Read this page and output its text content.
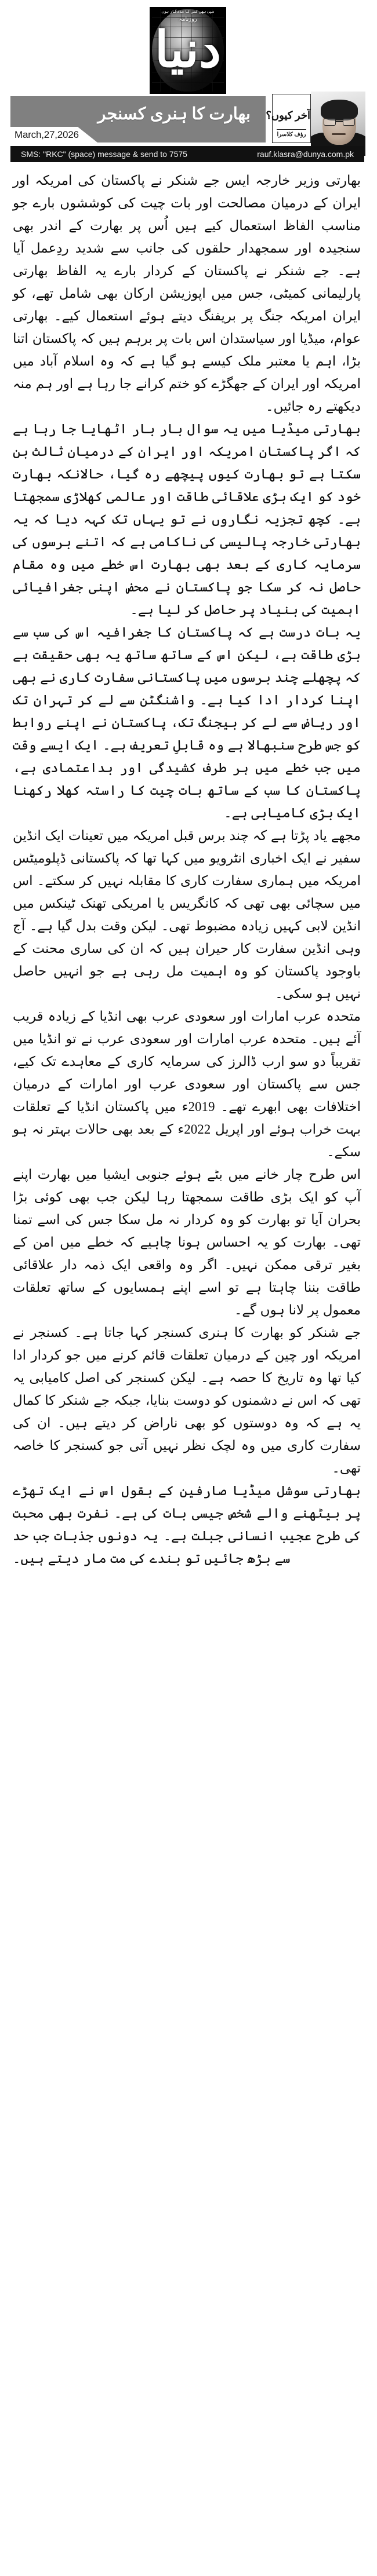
میں بھی کسی کا مددگار ہوں
روزنامہ
دنیا
بھارت کا ہنری کسنجر
March,27,2026
آخر کیوں؟
رؤف کلاسرا
SMS: "RKC" (space) message & send to 7575	rauf.klasra@dunya.com.pk

بھارتی وزیر خارجہ ایس جے شنکر نے پاکستان کی امریکہ اور ایران کے درمیان مصالحت اور بات چیت کی کوششوں بارے جو مناسب الفاظ استعمال کیے ہیں اُس پر بھارت کے اندر بھی سنجیدہ اور سمجھدار حلقوں کی جانب سے شدید ردِعمل آیا ہے۔ جے شنکر نے پاکستان کے کردار بارے یہ الفاظ بھارتی پارلیمانی کمیٹی، جس میں اپوزیشن ارکان بھی شامل تھے، کو ایران امریکہ جنگ پر بریفنگ دیتے ہوئے استعمال کیے۔ بھارتی عوام، میڈیا اور سیاستدان اس بات پر برہم ہیں کہ پاکستان اتنا بڑا، اہم یا معتبر ملک کیسے ہو گیا ہے کہ وہ اسلام آباد میں امریکہ اور ایران کے جھگڑے کو ختم کرانے جا رہا ہے اور ہم منہ دیکھتے رہ جائیں۔

بھارتی میڈیا میں یہ سوال بار بار اٹھایا جا رہا ہے کہ اگر پاکستان امریکہ اور ایران کے درمیان ثالث بن سکتا ہے تو بھارت کیوں پیچھے رہ گیا، حالانکہ بھارت خود کو ایک بڑی علاقائی طاقت اور عالمی کھلاڑی سمجھتا ہے۔ کچھ تجزیہ نگاروں نے تو یہاں تک کہہ دیا کہ یہ بھارتی خارجہ پالیسی کی ناکامی ہے کہ اتنے برسوں کی سرمایہ کاری کے بعد بھی بھارت اس خطے میں وہ مقام حاصل نہ کر سکا جو پاکستان نے محض اپنی جغرافیائی اہمیت کی بنیاد پر حاصل کر لیا ہے۔

یہ بات درست ہے کہ پاکستان کا جغرافیہ اس کی سب سے بڑی طاقت ہے، لیکن اس کے ساتھ ساتھ یہ بھی حقیقت ہے کہ پچھلے چند برسوں میں پاکستانی سفارت کاری نے بھی اپنا کردار ادا کیا ہے۔ واشنگٹن سے لے کر تہران تک اور ریاض سے لے کر بیجنگ تک، پاکستان نے اپنے روابط کو جس طرح سنبھالا ہے وہ قابلِ تعریف ہے۔ ایک ایسے وقت میں جب خطے میں ہر طرف کشیدگی اور بداعتمادی ہے، پاکستان کا سب کے ساتھ بات چیت کا راستہ کھلا رکھنا ایک بڑی کامیابی ہے۔

مجھے یاد پڑتا ہے کہ چند برس قبل امریکہ میں تعینات ایک انڈین سفیر نے ایک اخباری انٹرویو میں کہا تھا کہ پاکستانی ڈپلومیٹس امریکہ میں ہماری سفارت کاری کا مقابلہ نہیں کر سکتے۔ اس میں سچائی بھی تھی کہ کانگریس یا امریکی تھنک ٹینکس میں انڈین لابی کہیں زیادہ مضبوط تھی۔ لیکن وقت بدل گیا ہے۔ آج وہی انڈین سفارت کار حیران ہیں کہ ان کی ساری محنت کے باوجود پاکستان کو وہ اہمیت مل رہی ہے جو انہیں حاصل نہیں ہو سکی۔

متحدہ عرب امارات اور سعودی عرب بھی انڈیا کے زیادہ قریب آئے ہیں۔ متحدہ عرب امارات اور سعودی عرب نے تو انڈیا میں تقریباً دو سو ارب ڈالرز کی سرمایہ کاری کے معاہدے تک کیے، جس سے پاکستان اور سعودی عرب اور امارات کے درمیان اختلافات بھی ابھرے تھے۔ 2019ء میں پاکستان انڈیا کے تعلقات بہت خراب ہوئے اور اپریل 2022ء کے بعد بھی حالات بہتر نہ ہو سکے۔

اس طرح چار خانے میں بٹے ہوئے جنوبی ایشیا میں بھارت اپنے آپ کو ایک بڑی طاقت سمجھتا رہا لیکن جب بھی کوئی بڑا بحران آیا تو بھارت کو وہ کردار نہ مل سکا جس کی اسے تمنا تھی۔ بھارت کو یہ احساس ہونا چاہیے کہ خطے میں امن کے بغیر ترقی ممکن نہیں۔ اگر وہ واقعی ایک ذمہ دار علاقائی طاقت بننا چاہتا ہے تو اسے اپنے ہمسایوں کے ساتھ تعلقات معمول پر لانا ہوں گے۔

جے شنکر کو بھارت کا ہنری کسنجر کہا جاتا ہے۔ کسنجر نے امریکہ اور چین کے درمیان تعلقات قائم کرنے میں جو کردار ادا کیا تھا وہ تاریخ کا حصہ ہے۔ لیکن کسنجر کی اصل کامیابی یہ تھی کہ اس نے دشمنوں کو دوست بنایا، جبکہ جے شنکر کا کمال یہ ہے کہ وہ دوستوں کو بھی ناراض کر دیتے ہیں۔ ان کی سفارت کاری میں وہ لچک نظر نہیں آتی جو کسنجر کا خاصہ تھی۔

بھارتی سوشل میڈیا صارفین کے بقول اس نے ایک تھڑے پر بیٹھنے والے شخص جیسی بات کی ہے۔ نفرت بھی محبت کی طرح عجیب انسانی جبلت ہے۔ یہ دونوں جذبات جب حد سے بڑھ جائیں تو بندے کی مت مار دیتے ہیں۔
